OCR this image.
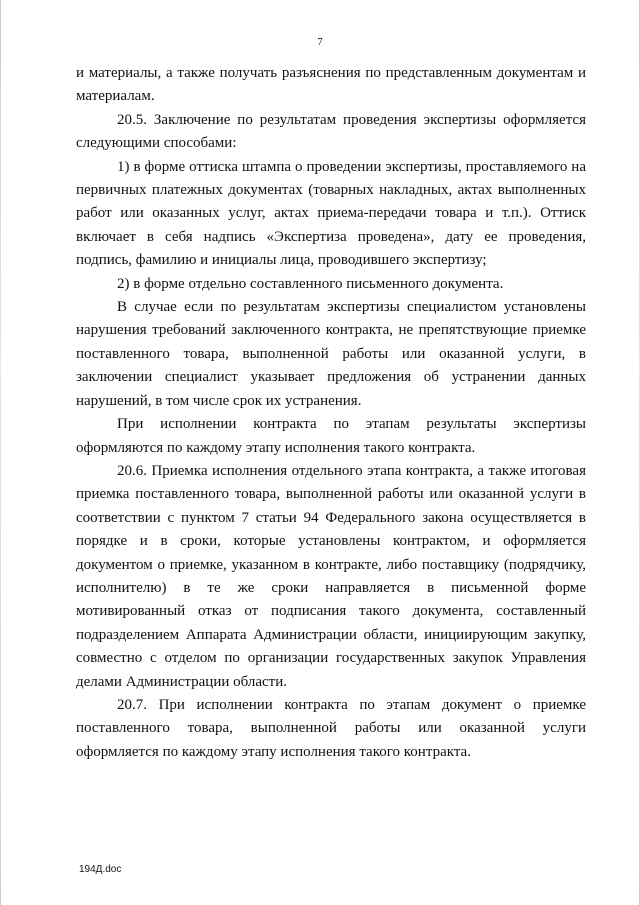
7

и материалы, а также получать разъяснения по представленным документам и материалам.

20.5. Заключение по результатам проведения экспертизы оформляется следующими способами:

1) в форме оттиска штампа о проведении экспертизы, проставляемого на первичных платежных документах (товарных накладных, актах выполненных работ или оказанных услуг, актах приема-передачи товара и т.п.). Оттиск включает в себя надпись «Экспертиза проведена», дату ее проведения, подпись, фамилию и инициалы лица, проводившего экспертизу;

2) в форме отдельно составленного письменного документа.

В случае если по результатам экспертизы специалистом установлены нарушения требований заключенного контракта, не препятствующие приемке поставленного товара, выполненной работы или оказанной услуги, в заключении специалист указывает предложения об устранении данных нарушений, в том числе срок их устранения.

При исполнении контракта по этапам результаты экспертизы оформляются по каждому этапу исполнения такого контракта.

20.6. Приемка исполнения отдельного этапа контракта, а также итоговая приемка поставленного товара, выполненной работы или оказанной услуги в соответствии с пунктом 7 статьи 94 Федерального закона осуществляется в порядке и в сроки, которые установлены контрактом, и оформляется документом о приемке, указанном в контракте, либо поставщику (подрядчику, исполнителю) в те же сроки направляется в письменной форме мотивированный отказ от подписания такого документа, составленный подразделением Аппарата Администрации области, инициирующим закупку, совместно с отделом по организации государственных закупок Управления делами Администрации области.

20.7. При исполнении контракта по этапам документ о приемке поставленного товара, выполненной работы или оказанной услуги оформляется по каждому этапу исполнения такого контракта.

194Д.doc
